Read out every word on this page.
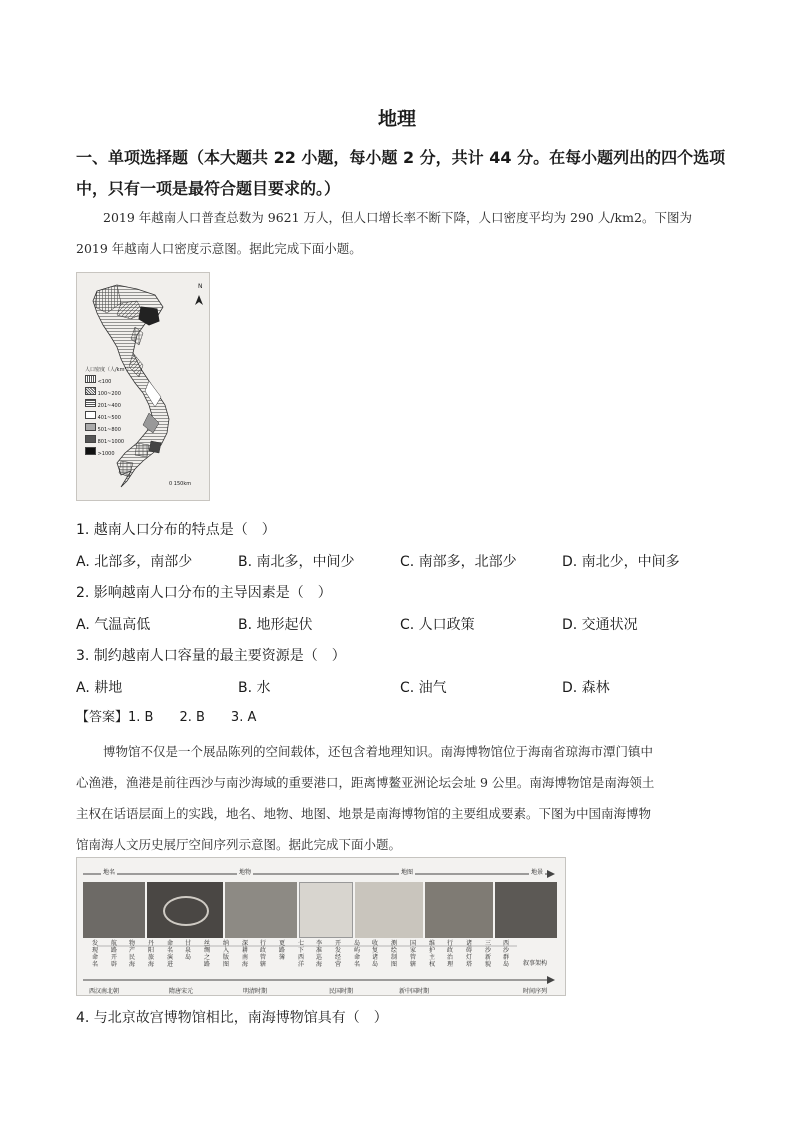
地理
一、单项选择题（本大题共 22 小题，每小题 2 分，共计 44 分。在每小题列出的四个选项中，只有一项是最符合题目要求的。）
2019 年越南人口普查总数为 9621 万人，但人口增长率不断下降，人口密度平均为 290 人/km2。下图为
2019 年越南人口密度示意图。据此完成下面小题。
N
人口密度（人/km²）
<100
100~200
201~400
401~500
501~800
801~1000
>1000
0 150km
1. 越南人口分布的特点是（　）
A. 北部多，南部少	B. 南北多，中间少	C. 南部多，北部少	D. 南北少，中间多
2. 影响越南人口分布的主导因素是（　）
A. 气温高低	B. 地形起伏	C. 人口政策	D. 交通状况
3. 制约越南人口容量的最主要资源是（　）
A. 耕地	B. 水	C. 油气	D. 森林
【答案】1. B　　2. B　　3. A
博物馆不仅是一个展品陈列的空间载体，还包含着地理知识。南海博物馆位于海南省琼海市潭门镇中
心渔港，渔港是前往西沙与南沙海域的重要港口，距离博鳌亚洲论坛会址 9 公里。南海博物馆是南海领土
主权在话语层面上的实践，地名、地物、地图、地景是南海博物馆的主要组成要素。下图为中国南海博物
馆南海人文历史展厅空间序列示意图。据此完成下面小题。
地名	地物	地图	地景
发现命名
航路开辟
物产民海
丹阳旅海
命名演进
甘泉岛
丝绸之路
纳入版图
深耕南海
行政管辖
更路簿
七下西洋
李准巡海
开发经营
岛屿命名
收复诸岛
测绘制图
国家管辖
维护主权
行政治理
诸碍灯塔
三沙新貌
西沙群岛 叙事架构
西汉南北朝	隋唐宋元	明清时期	民国时期	新中国时期	时间序列
4. 与北京故宫博物馆相比，南海博物馆具有（　）
